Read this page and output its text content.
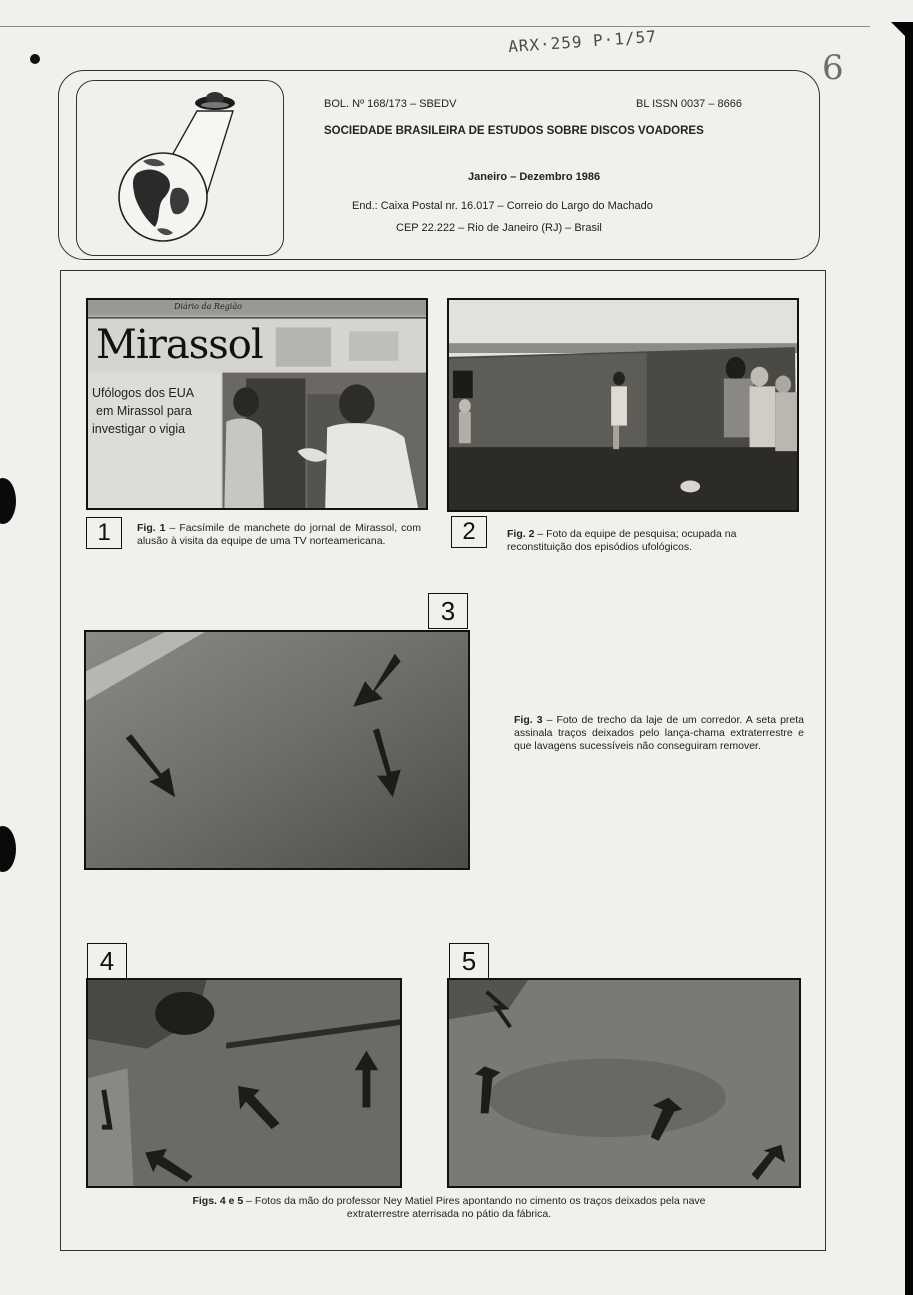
ARX·259 P·1/57
6
BOL. Nº 168/173 – SBEDV	BL ISSN 0037 – 8666
SOCIEDADE BRASILEIRA DE ESTUDOS SOBRE DISCOS VOADORES
Janeiro – Dezembro 1986
End.: Caixa Postal nr. 16.017 – Correio do Largo do Machado
CEP 22.222 – Rio de Janeiro (RJ) – Brasil
Diário da Região
Mirassol
Ufólogos dos EUA
em Mirassol para
investigar o vigia
1	Fig. 1 – Facsímile de manchete do jornal de Mirassol, com alusão à visita da equipe de uma TV norteamericana.	2	Fig. 2 – Foto da equipe de pesquisa; ocupada na reconstituição dos episódios ufológicos.
3
Fig. 3 – Foto de trecho da laje de um corredor. A seta preta assinala traços deixados pelo lança-chama extraterrestre e que lavagens sucessíveis não conseguiram remover.
4	5
Figs. 4 e 5 – Fotos da mão do professor Ney Matiel Pires apontando no cimento os traços deixados pela nave extraterrestre aterrisada no pátio da fábrica.
